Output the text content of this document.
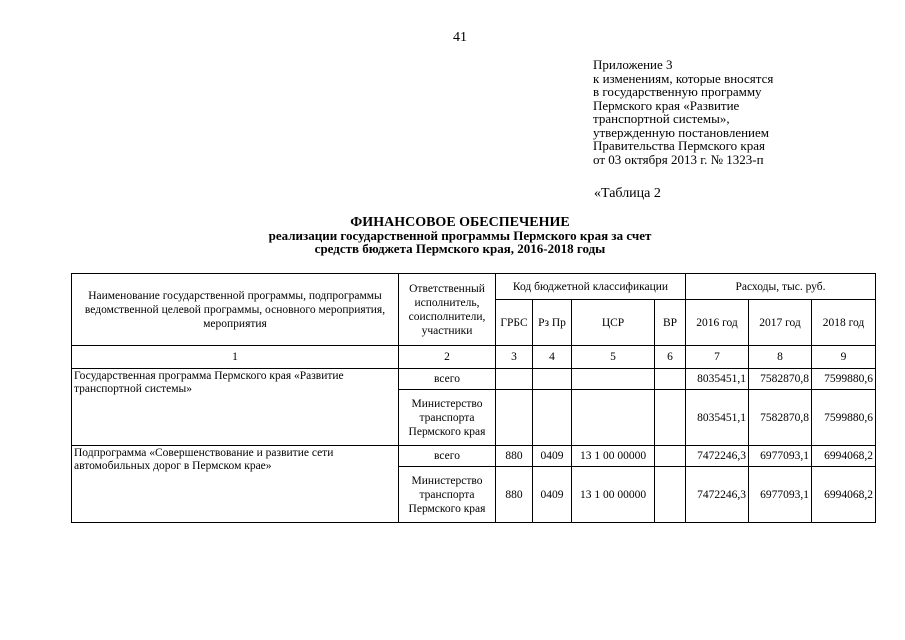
41
Приложение 3
к изменениям, которые вносятся
в государственную программу
Пермского края «Развитие
транспортной системы»,
утвержденную постановлением
Правительства Пермского края
от 03 октября 2013 г. № 1323-п
«Таблица 2
ФИНАНСОВОЕ ОБЕСПЕЧЕНИЕ
реализации государственной программы Пермского края за счет
средств бюджета Пермского края, 2016-2018 годы
Наименование государственной программы, подпрограммы ведомственной целевой программы, основного мероприятия, мероприятия	Ответственный исполнитель, соисполнители, участники	Код бюджетной классификации				Расходы, тыс. руб.		
		ГРБС	Рз Пр	ЦСР	ВР	2016 год	2017 год	2018 год
1	2	3	4	5	6	7	8	9
Государственная программа Пермского края «Развитие транспортной системы»	всего					8035451,1	7582870,8	7599880,6
	Министерство транспорта Пермского края					8035451,1	7582870,8	7599880,6
Подпрограмма «Совершенствование и развитие сети автомобильных дорог в Пермском крае»	всего	880	0409	13 1 00 00000		7472246,3	6977093,1	6994068,2
	Министерство транспорта Пермского края	880	0409	13 1 00 00000		7472246,3	6977093,1	6994068,2
